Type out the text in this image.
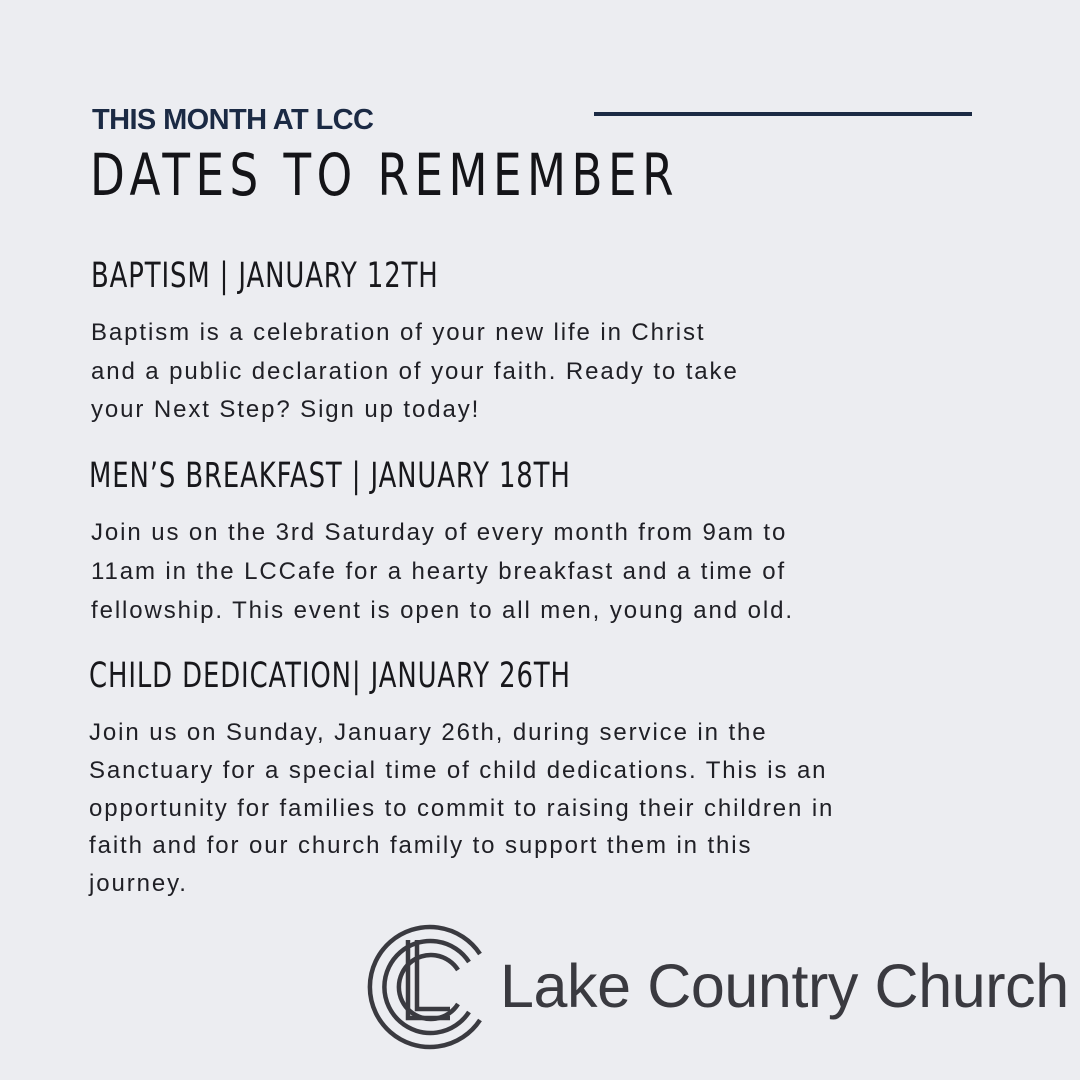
THIS MONTH AT LCC
DATES TO REMEMBER
BAPTISM | JANUARY 12TH
Baptism is a celebration of your new life in Christ
and a public declaration of your faith. Ready to take
your Next Step? Sign up today!
MEN’S BREAKFAST | JANUARY 18TH
Join us on the 3rd Saturday of every month from 9am to
11am in the LCCafe for a hearty breakfast and a time of
fellowship. This event is open to all men, young and old.
CHILD DEDICATION| JANUARY 26TH
Join us on Sunday, January 26th, during service in the
Sanctuary for a special time of child dedications. This is an
opportunity for families to commit to raising their children in
faith and for our church family to support them in this
journey.
Lake Country Church
